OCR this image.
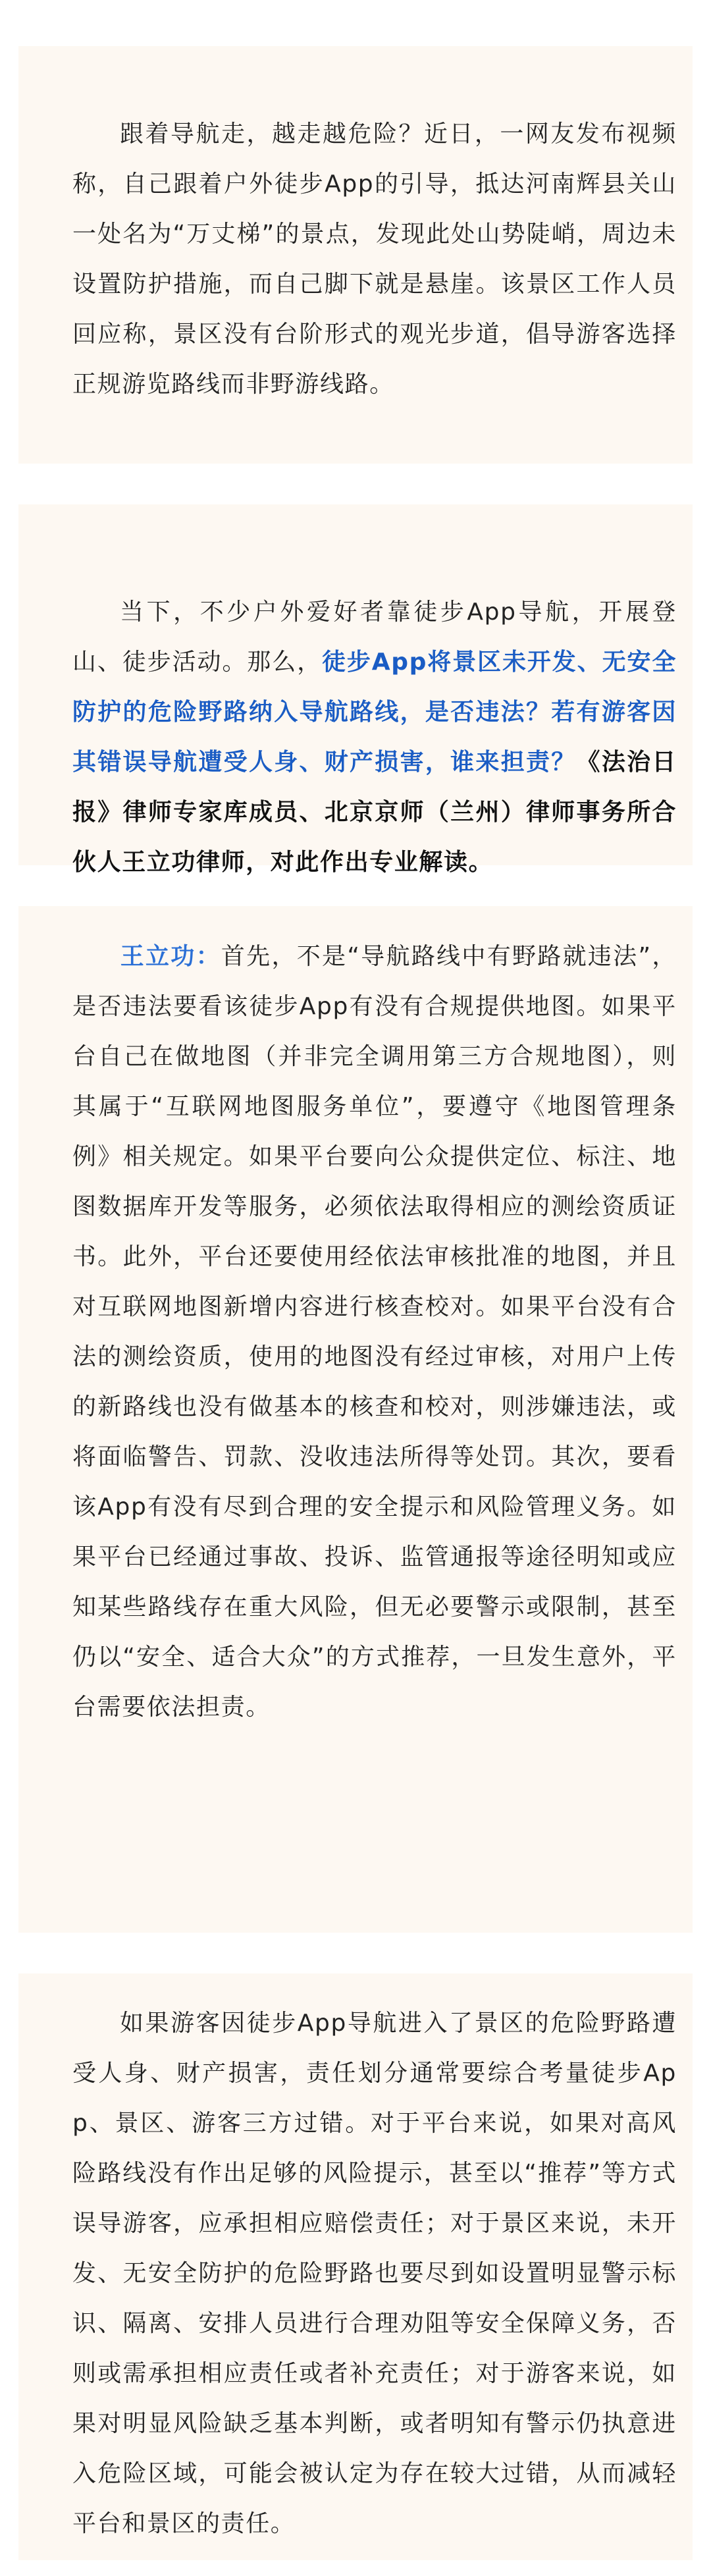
跟着导航走，越走越危险？近日，一网友发布视频称，自己跟着户外徒步App的引导，抵达河南辉县关山一处名为“万丈梯”的景点，发现此处山势陡峭，周边未设置防护措施，而自己脚下就是悬崖。该景区工作人员回应称，景区没有台阶形式的观光步道，倡导游客选择正规游览路线而非野游线路。

当下，不少户外爱好者靠徒步App导航，开展登山、徒步活动。那么，徒步App将景区未开发、无安全防护的危险野路纳入导航路线，是否违法？若有游客因其错误导航遭受人身、财产损害，谁来担责？《法治日报》律师专家库成员、北京京师（兰州）律师事务所合伙人王立功律师，对此作出专业解读。

王立功：首先，不是“导航路线中有野路就违法”，是否违法要看该徒步App有没有合规提供地图。如果平台自己在做地图（并非完全调用第三方合规地图），则其属于“互联网地图服务单位”，要遵守《地图管理条例》相关规定。如果平台要向公众提供定位、标注、地图数据库开发等服务，必须依法取得相应的测绘资质证书。此外，平台还要使用经依法审核批准的地图，并且对互联网地图新增内容进行核查校对。如果平台没有合法的测绘资质，使用的地图没有经过审核，对用户上传的新路线也没有做基本的核查和校对，则涉嫌违法，或将面临警告、罚款、没收违法所得等处罚。其次，要看该App有没有尽到合理的安全提示和风险管理义务。如果平台已经通过事故、投诉、监管通报等途径明知或应知某些路线存在重大风险，但无必要警示或限制，甚至仍以“安全、适合大众”的方式推荐，一旦发生意外，平台需要依法担责。

如果游客因徒步App导航进入了景区的危险野路遭受人身、财产损害，责任划分通常要综合考量徒步App、景区、游客三方过错。对于平台来说，如果对高风险路线没有作出足够的风险提示，甚至以“推荐”等方式误导游客，应承担相应赔偿责任；对于景区来说，未开发、无安全防护的危险野路也要尽到如设置明显警示标识、隔离、安排人员进行合理劝阻等安全保障义务，否则或需承担相应责任或者补充责任；对于游客来说，如果对明显风险缺乏基本判断，或者明知有警示仍执意进入危险区域，可能会被认定为存在较大过错，从而减轻平台和景区的责任。
